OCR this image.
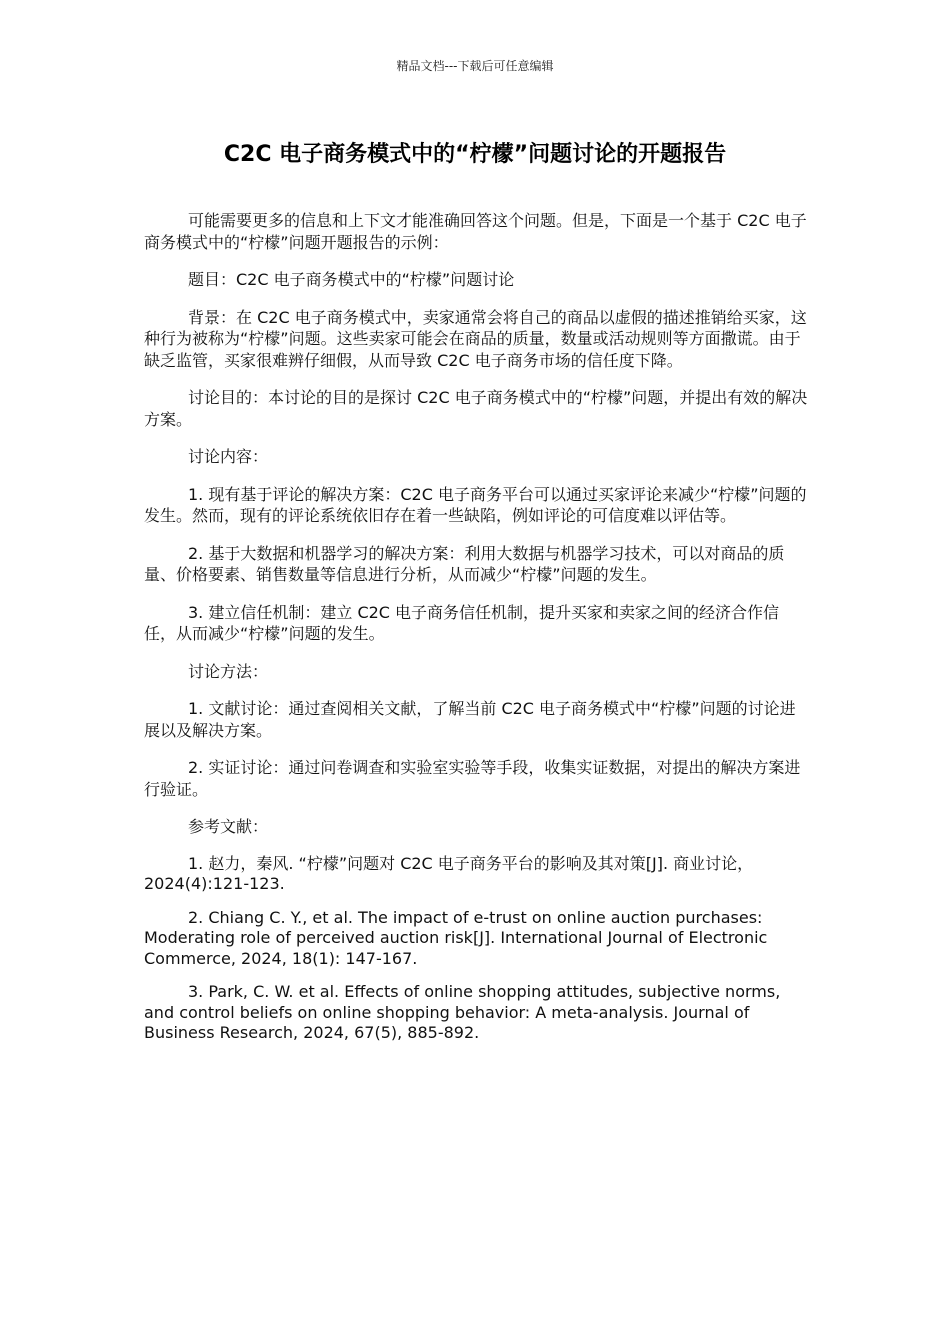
精品文档---下载后可任意编辑
C2C 电子商务模式中的“柠檬”问题讨论的开题报告

可能需要更多的信息和上下文才能准确回答这个问题。但是，下面是一个基于 C2C 电子商务模式中的“柠檬”问题开题报告的示例：

题目：C2C 电子商务模式中的“柠檬”问题讨论

背景：在 C2C 电子商务模式中，卖家通常会将自己的商品以虚假的描述推销给买家，这种行为被称为“柠檬”问题。这些卖家可能会在商品的质量，数量或活动规则等方面撒谎。由于缺乏监管，买家很难辨仔细假，从而导致 C2C 电子商务市场的信任度下降。

讨论目的：本讨论的目的是探讨 C2C 电子商务模式中的“柠檬”问题，并提出有效的解决方案。

讨论内容：

1. 现有基于评论的解决方案：C2C 电子商务平台可以通过买家评论来减少“柠檬”问题的发生。然而，现有的评论系统依旧存在着一些缺陷，例如评论的可信度难以评估等。

2. 基于大数据和机器学习的解决方案：利用大数据与机器学习技术，可以对商品的质量、价格要素、销售数量等信息进行分析，从而减少“柠檬”问题的发生。

3. 建立信任机制：建立 C2C 电子商务信任机制，提升买家和卖家之间的经济合作信任，从而减少“柠檬”问题的发生。

讨论方法：

1. 文献讨论：通过查阅相关文献，了解当前 C2C 电子商务模式中“柠檬”问题的讨论进展以及解决方案。

2. 实证讨论：通过问卷调查和实验室实验等手段，收集实证数据，对提出的解决方案进行验证。

参考文献：

1. 赵力，秦风. “柠檬”问题对 C2C 电子商务平台的影响及其对策[J]. 商业讨论，2024(4):121-123.

2. Chiang C. Y., et al. The impact of e-trust on online auction purchases: Moderating role of perceived auction risk[J]. International Journal of Electronic Commerce, 2024, 18(1): 147-167.

3. Park, C. W. et al. Effects of online shopping attitudes, subjective norms, and control beliefs on online shopping behavior: A meta-analysis. Journal of Business Research, 2024, 67(5), 885-892.
